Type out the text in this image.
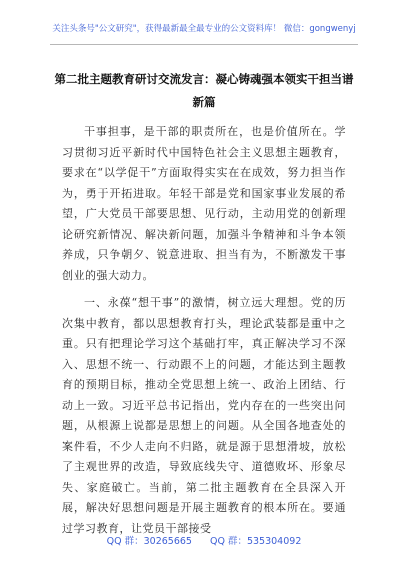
关注头条号"公文研究"，获得最新最全最专业的公文资料库！ 微信：gongwenyj
第二批主题教育研讨交流发言：凝心铸魂强本领实干担当谱新篇

干事担事，是干部的职责所在，也是价值所在。学习贯彻习近平新时代中国特色社会主义思想主题教育，要求在“以学促干”方面取得实实在在成效，努力担当作为，勇于开拓进取。年轻干部是党和国家事业发展的希望，广大党员干部要思想、见行动，主动用党的创新理论研究新情况、解决新问题，加强斗争精神和斗争本领养成，只争朝夕、锐意进取、担当有为，不断激发干事创业的强大动力。

一、永葆“想干事”的激情，树立远大理想。党的历次集中教育，都以思想教育打头，理论武装都是重中之重。只有把理论学习这个基础打牢，真正解决学习不深入、思想不统一、行动跟不上的问题，才能达到主题教育的预期目标，推动全党思想上统一、政治上团结、行动上一致。习近平总书记指出，党内存在的一些突出问题，从根源上说都是思想上的问题。从全国各地查处的案件看，不少人走向不归路，就是源于思想滑坡，放松了主观世界的改造，导致底线失守、道德败坏、形象尽失、家庭破亡。当前，第二批主题教育在全县深入开展，解决好思想问题是开展主题教育的根本所在。要通过学习教育，让党员干部接受

QQ 群：30265665 QQ 群：535304092
